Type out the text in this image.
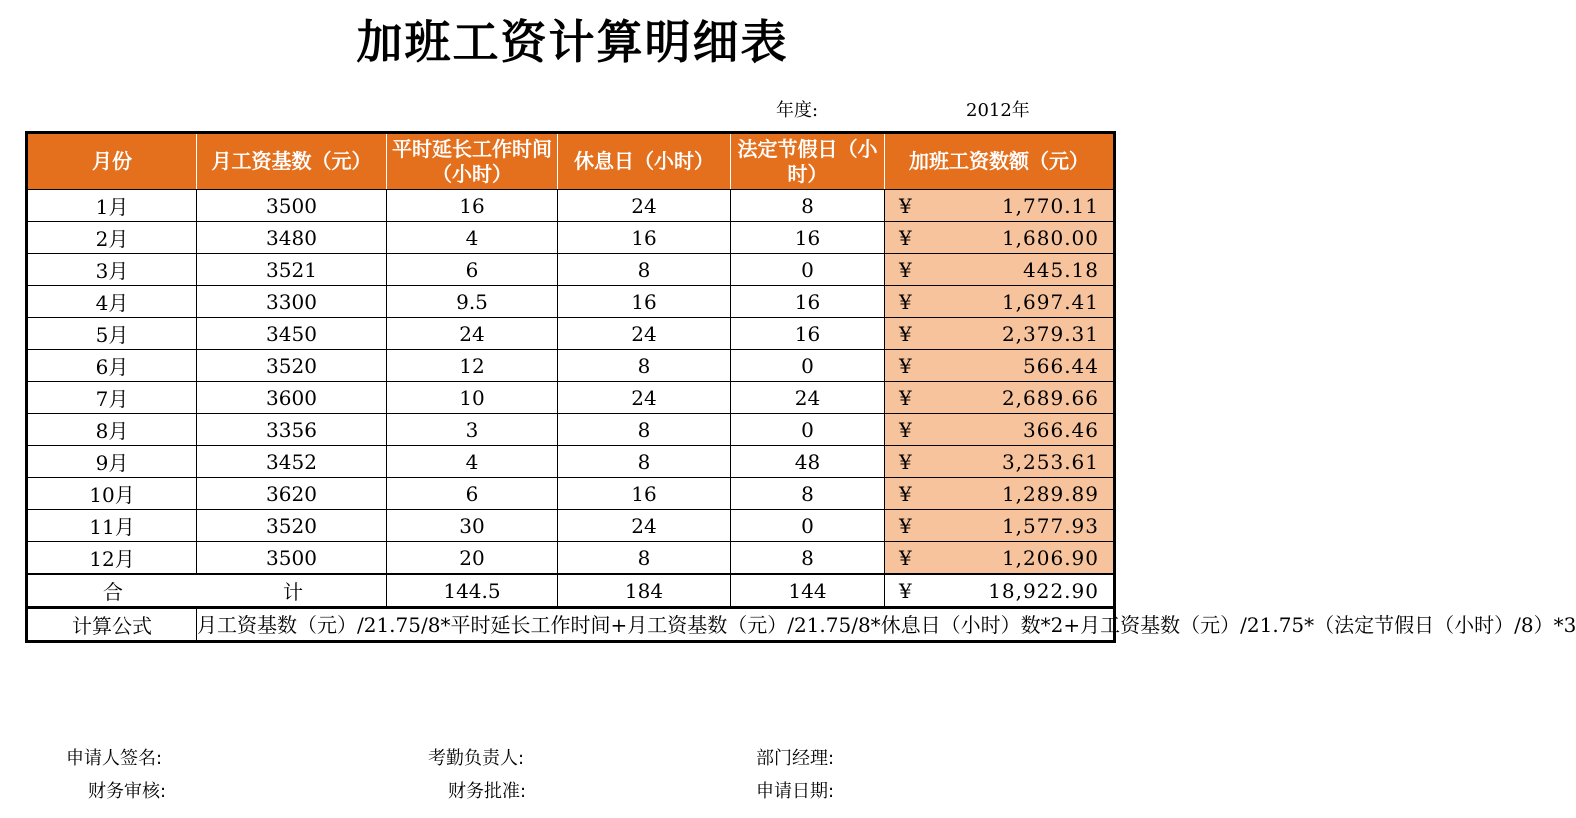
加班工资计算明细表
年度:	2012年
月份	月工资基数（元）	平时延长工作时间（小时）	休息日（小时）	法定节假日（小时）	加班工资数额（元）
1月	3500	16	24	8	¥ 1,770.11

2月	3480	4	16	16	¥ 1,680.00

3月	3521	6	8	0	¥ 445.18

4月	3300	9.5	16	16	¥ 1,697.41

5月	3450	24	24	16	¥ 2,379.31

6月	3520	12	8	0	¥ 566.44

7月	3600	10	24	24	¥ 2,689.66

8月	3356	3	8	0	¥ 366.46

9月	3452	4	8	48	¥ 3,253.61

10月	3620	6	16	8	¥ 1,289.89

11月	3520	30	24	0	¥ 1,577.93

12月	3500	20	8	8	¥ 1,206.90

合 计		144.5	184	144	¥ 18,922.90

计算公式	月工资基数（元）/21.75/8*平时延长工作时间+月工资基数（元）/21.75/8*休息日（小时）数*2+月工资基数（元）/21.75*（法定节假日（小时）/8）*3				
申请人签名:
财务审核:
考勤负责人:
财务批准:
部门经理:
申请日期:
